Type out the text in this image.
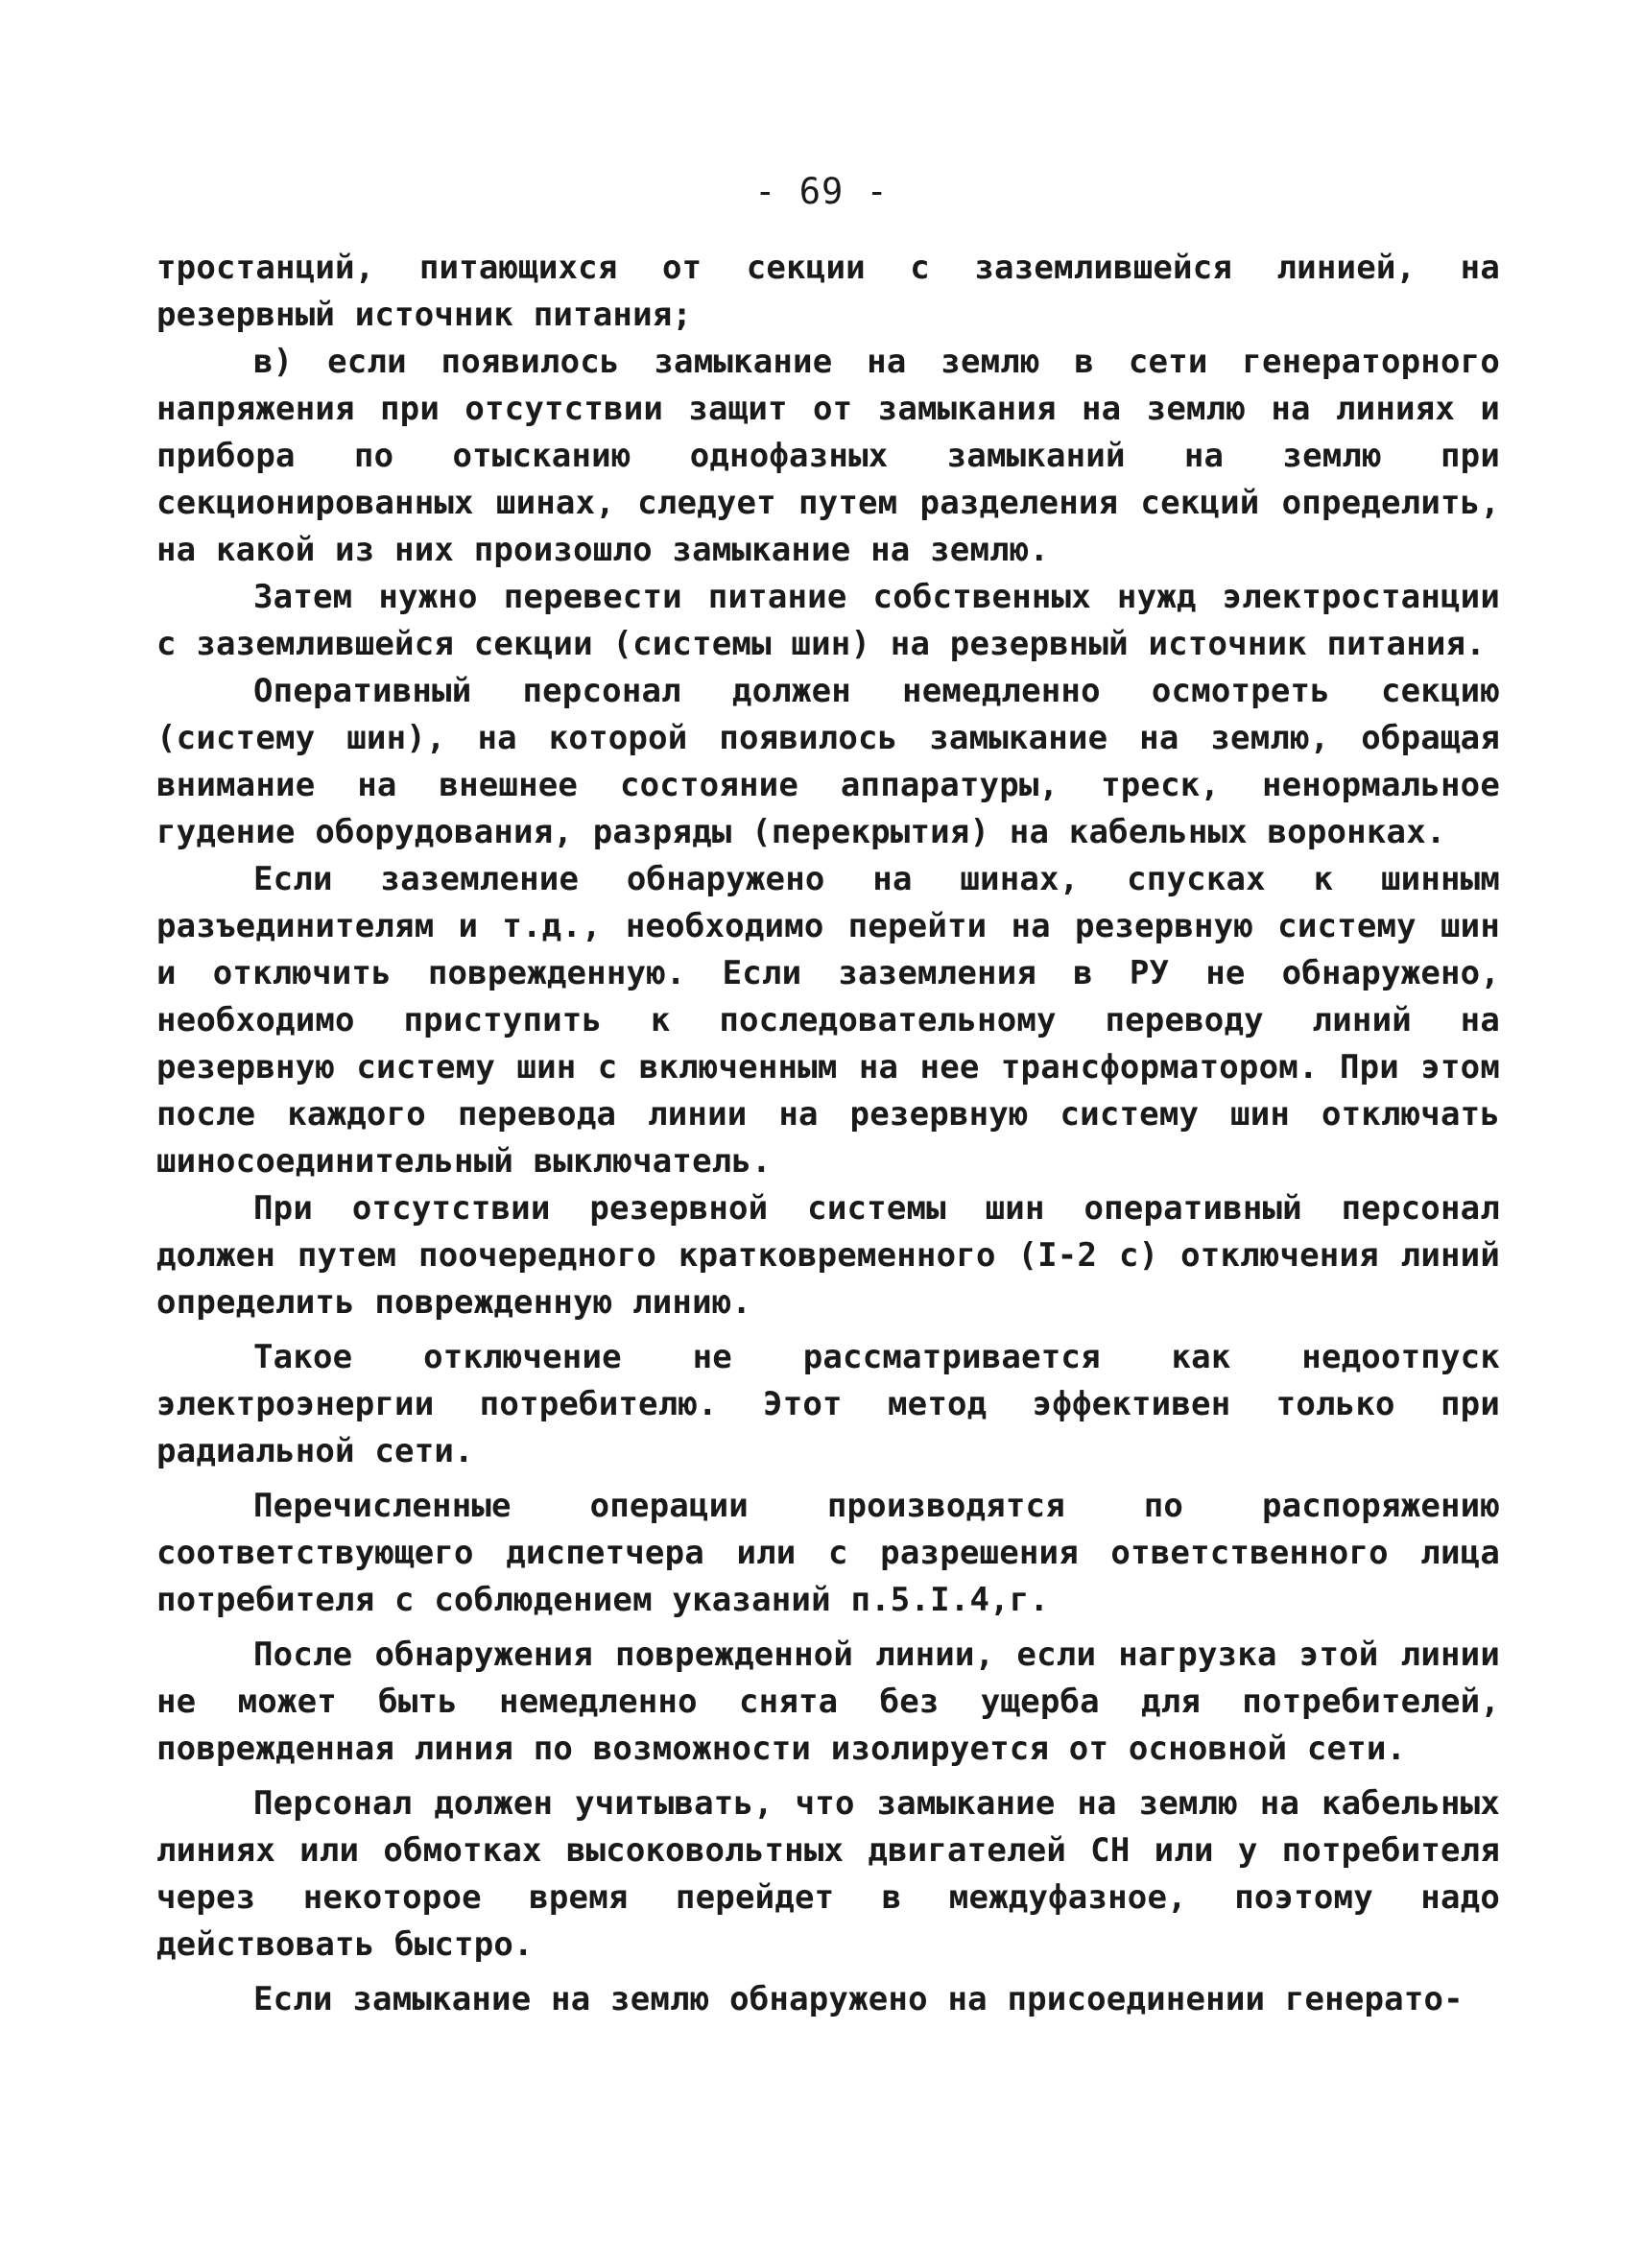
- 69 -

тростанций, питающихся от секции с заземлившейся линией, на резервный источник питания;

в) если появилось замыкание на землю в сети генераторного напряжения при отсутствии защит от замыкания на землю на линиях и прибора по отысканию однофазных замыканий на землю при секционированных шинах, следует путем разделения секций определить, на какой из них произошло замыкание на землю.

Затем нужно перевести питание собственных нужд электростанции с заземлившейся секции (системы шин) на резервный источник питания.

Оперативный персонал должен немедленно осмотреть секцию (систему шин), на которой появилось замыкание на землю, обращая внимание на внешнее состояние аппаратуры, треск, ненормальное гудение оборудования, разряды (перекрытия) на кабельных воронках.

Если заземление обнаружено на шинах, спусках к шинным разъединителям и т.д., необходимо перейти на резервную систему шин и отключить поврежденную. Если заземления в РУ не обнаружено, необходимо приступить к последовательному переводу линий на резервную систему шин с включенным на нее трансформатором. При этом после каждого перевода линии на резервную систему шин отключать шиносоединительный выключатель.

При отсутствии резервной системы шин оперативный персонал должен путем поочередного кратковременного (I-2 с) отключения линий определить поврежденную линию.

Такое отключение не рассматривается как недоотпуск электроэнергии потребителю. Этот метод эффективен только при радиальной сети.

Перечисленные операции производятся по распоряжению соответствующего диспетчера или с разрешения ответственного лица потребителя с соблюдением указаний п.5.I.4,г.

После обнаружения поврежденной линии, если нагрузка этой линии не может быть немедленно снята без ущерба для потребителей, поврежденная линия по возможности изолируется от основной сети.

Персонал должен учитывать, что замыкание на землю на кабельных линиях или обмотках высоковольтных двигателей СН или у потребителя через некоторое время перейдет в междуфазное, поэтому надо действовать быстро.

Если замыкание на землю обнаружено на присоединении генерато-
